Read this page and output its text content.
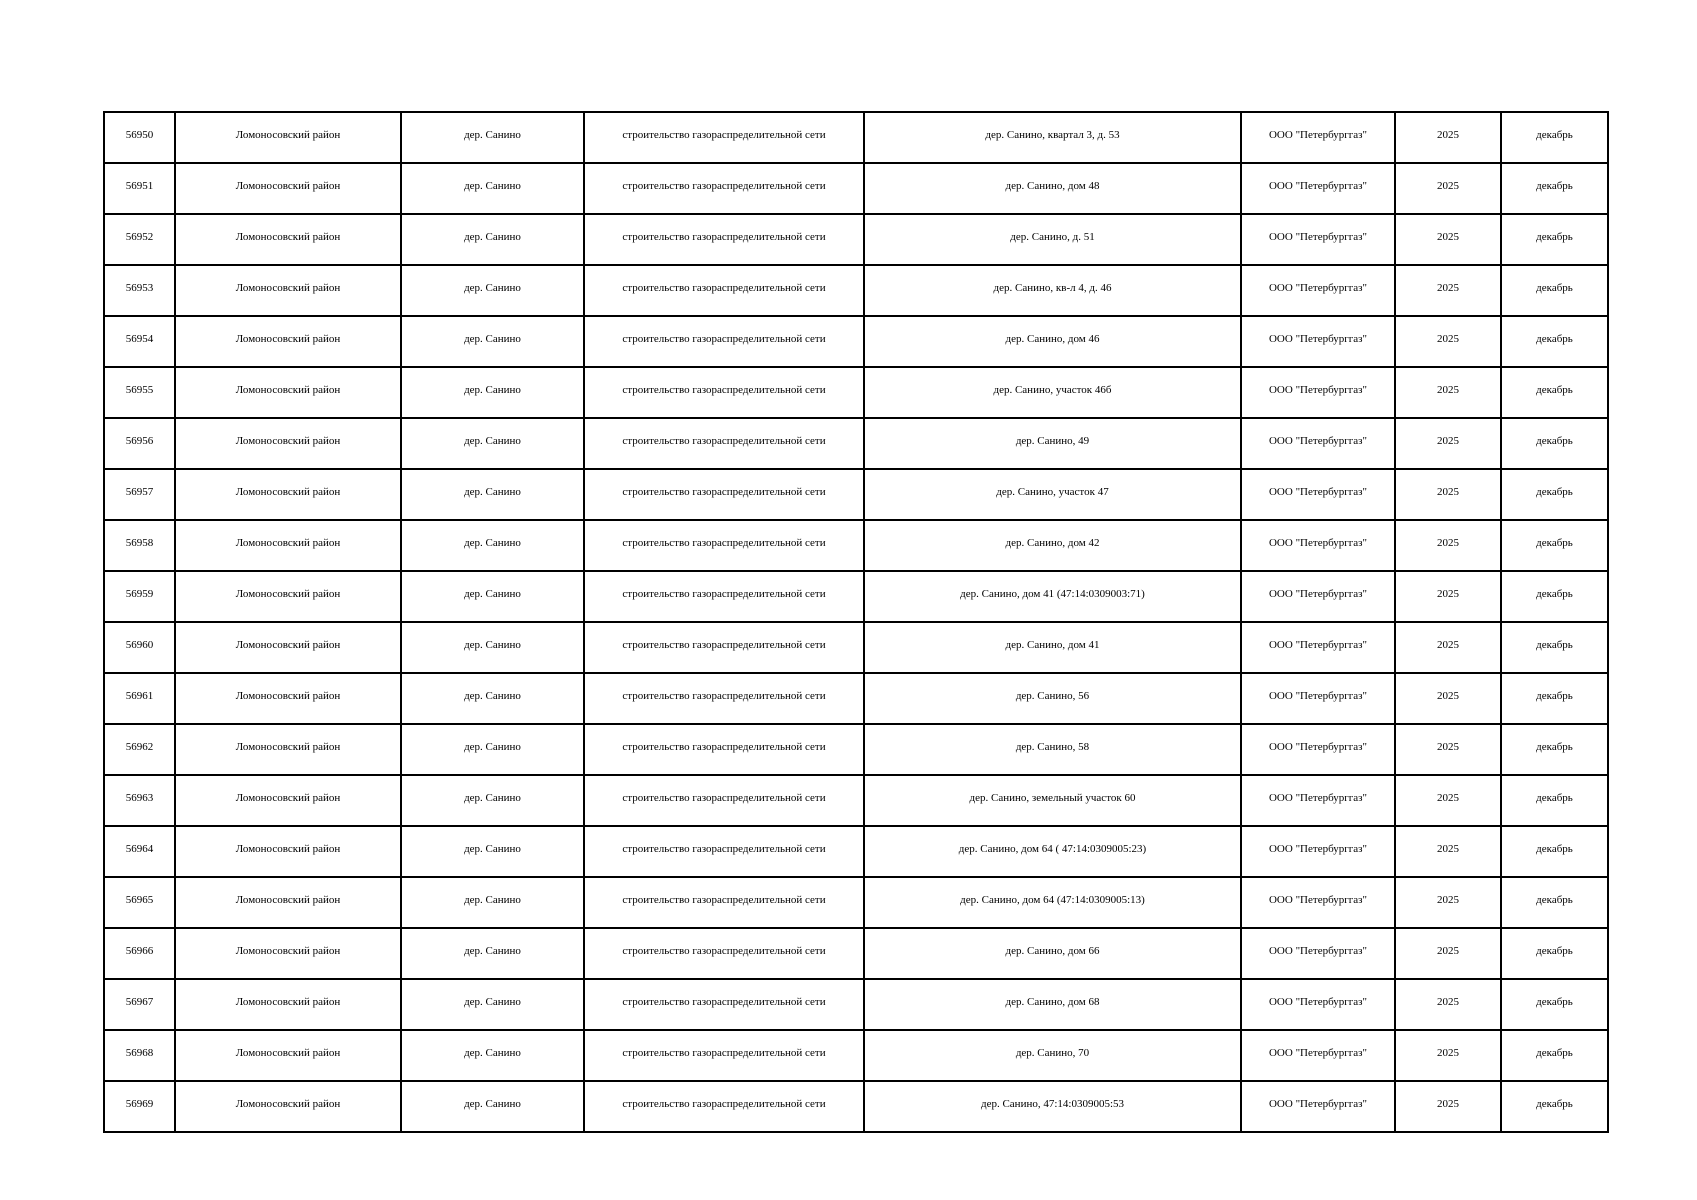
56950	Ломоносовский район	дер. Санино	строительство газораспределительной сети	дер. Санино, квартал 3, д. 53	ООО "Петербурггаз"	2025	декабрь
56951	Ломоносовский район	дер. Санино	строительство газораспределительной сети	дер. Санино, дом 48	ООО "Петербурггаз"	2025	декабрь
56952	Ломоносовский район	дер. Санино	строительство газораспределительной сети	дер. Санино, д. 51	ООО "Петербурггаз"	2025	декабрь
56953	Ломоносовский район	дер. Санино	строительство газораспределительной сети	дер. Санино, кв-л 4, д. 46	ООО "Петербурггаз"	2025	декабрь
56954	Ломоносовский район	дер. Санино	строительство газораспределительной сети	дер. Санино, дом 46	ООО "Петербурггаз"	2025	декабрь
56955	Ломоносовский район	дер. Санино	строительство газораспределительной сети	дер. Санино, участок 46б	ООО "Петербурггаз"	2025	декабрь
56956	Ломоносовский район	дер. Санино	строительство газораспределительной сети	дер. Санино, 49	ООО "Петербурггаз"	2025	декабрь
56957	Ломоносовский район	дер. Санино	строительство газораспределительной сети	дер. Санино, участок 47	ООО "Петербурггаз"	2025	декабрь
56958	Ломоносовский район	дер. Санино	строительство газораспределительной сети	дер. Санино, дом 42	ООО "Петербурггаз"	2025	декабрь
56959	Ломоносовский район	дер. Санино	строительство газораспределительной сети	дер. Санино, дом 41 (47:14:0309003:71)	ООО "Петербурггаз"	2025	декабрь
56960	Ломоносовский район	дер. Санино	строительство газораспределительной сети	дер. Санино, дом 41	ООО "Петербурггаз"	2025	декабрь
56961	Ломоносовский район	дер. Санино	строительство газораспределительной сети	дер. Санино, 56	ООО "Петербурггаз"	2025	декабрь
56962	Ломоносовский район	дер. Санино	строительство газораспределительной сети	дер. Санино, 58	ООО "Петербурггаз"	2025	декабрь
56963	Ломоносовский район	дер. Санино	строительство газораспределительной сети	дер. Санино, земельный участок 60	ООО "Петербурггаз"	2025	декабрь
56964	Ломоносовский район	дер. Санино	строительство газораспределительной сети	дер. Санино, дом 64 ( 47:14:0309005:23)	ООО "Петербурггаз"	2025	декабрь
56965	Ломоносовский район	дер. Санино	строительство газораспределительной сети	дер. Санино, дом 64 (47:14:0309005:13)	ООО "Петербурггаз"	2025	декабрь
56966	Ломоносовский район	дер. Санино	строительство газораспределительной сети	дер. Санино, дом 66	ООО "Петербурггаз"	2025	декабрь
56967	Ломоносовский район	дер. Санино	строительство газораспределительной сети	дер. Санино, дом 68	ООО "Петербурггаз"	2025	декабрь
56968	Ломоносовский район	дер. Санино	строительство газораспределительной сети	дер. Санино, 70	ООО "Петербурггаз"	2025	декабрь
56969	Ломоносовский район	дер. Санино	строительство газораспределительной сети	дер. Санино, 47:14:0309005:53	ООО "Петербурггаз"	2025	декабрь
